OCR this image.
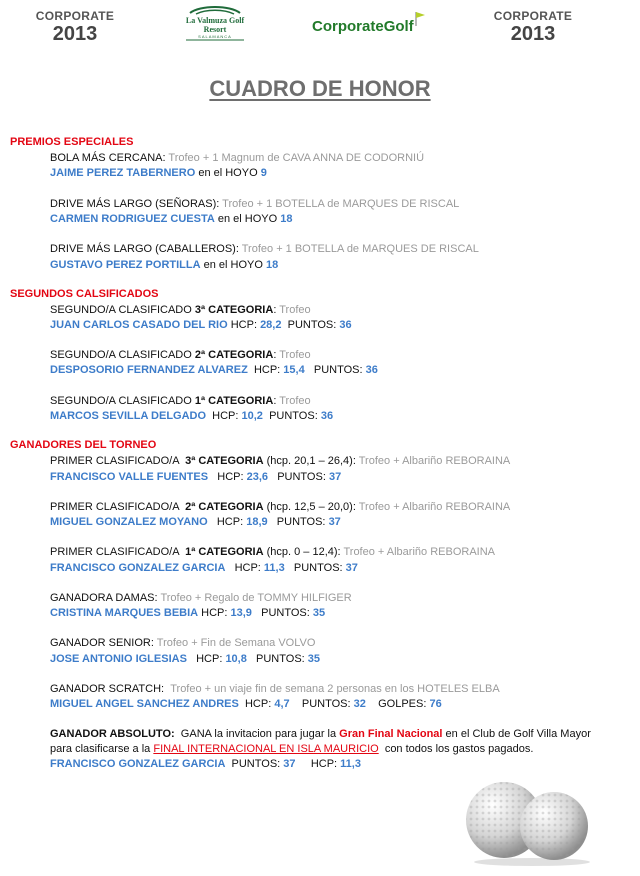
CORPORATE
2013
La Valmuza Golf
Resort
SALAMANCA
CorporateGolf
CORPORATE
2013
CUADRO DE HONOR
PREMIOS ESPECIALES
BOLA MÁS CERCANA: Trofeo + 1 Magnum de CAVA ANNA DE CODORNIÚ
JAIME PEREZ TABERNERO en el HOYO 9
DRIVE MÁS LARGO (SEÑORAS): Trofeo + 1 BOTELLA de MARQUES DE RISCAL
CARMEN RODRIGUEZ CUESTA en el HOYO 18
DRIVE MÁS LARGO (CABALLEROS): Trofeo + 1 BOTELLA de MARQUES DE RISCAL
GUSTAVO PEREZ PORTILLA en el HOYO 18
SEGUNDOS CALSIFICADOS
SEGUNDO/A CLASIFICADO 3ª CATEGORIA: Trofeo
JUAN CARLOS CASADO DEL RIO HCP: 28,2 PUNTOS: 36
SEGUNDO/A CLASIFICADO 2ª CATEGORIA: Trofeo
DESPOSORIO FERNANDEZ ALVAREZ HCP: 15,4 PUNTOS: 36
SEGUNDO/A CLASIFICADO 1ª CATEGORIA: Trofeo
MARCOS SEVILLA DELGADO HCP: 10,2 PUNTOS: 36
GANADORES DEL TORNEO
PRIMER CLASIFICADO/A 3ª CATEGORIA (hcp. 20,1 – 26,4): Trofeo + Albariño REBORAINA
FRANCISCO VALLE FUENTES HCP: 23,6 PUNTOS: 37
PRIMER CLASIFICADO/A 2ª CATEGORIA (hcp. 12,5 – 20,0): Trofeo + Albariño REBORAINA
MIGUEL GONZALEZ MOYANO HCP: 18,9 PUNTOS: 37
PRIMER CLASIFICADO/A 1ª CATEGORIA (hcp. 0 – 12,4): Trofeo + Albariño REBORAINA
FRANCISCO GONZALEZ GARCIA HCP: 11,3 PUNTOS: 37
GANADORA DAMAS: Trofeo + Regalo de TOMMY HILFIGER
CRISTINA MARQUES BEBIA HCP: 13,9 PUNTOS: 35
GANADOR SENIOR: Trofeo + Fin de Semana VOLVO
JOSE ANTONIO IGLESIAS HCP: 10,8 PUNTOS: 35
GANADOR SCRATCH: Trofeo + un viaje fin de semana 2 personas en los HOTELES ELBA
MIGUEL ANGEL SANCHEZ ANDRES HCP: 4,7 PUNTOS: 32 GOLPES: 76
GANADOR ABSOLUTO: GANA la invitacion para jugar la Gran Final Nacional en el Club de Golf Villa Mayor
para clasificarse a la FINAL INTERNACIONAL EN ISLA MAURICIO con todos los gastos pagados.
FRANCISCO GONZALEZ GARCIA PUNTOS: 37 HCP: 11,3
